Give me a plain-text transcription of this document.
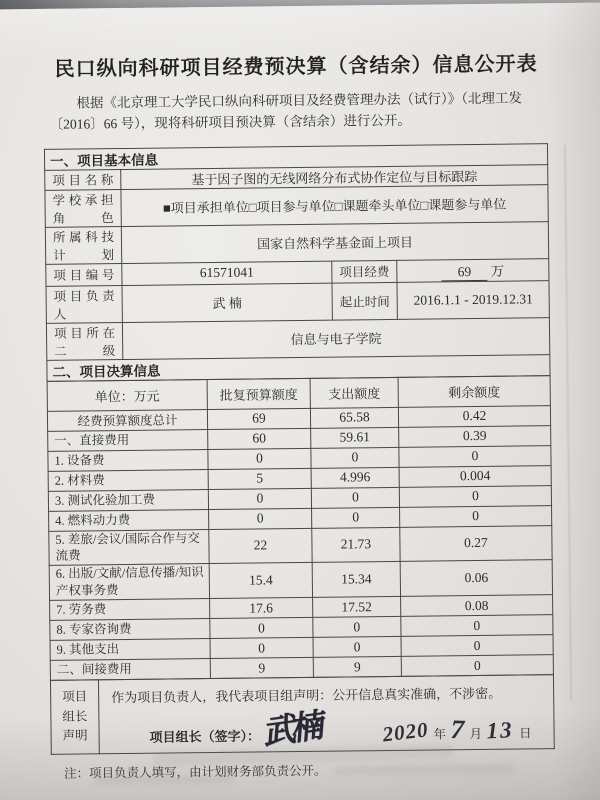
民口纵向科研项目经费预决算（含结余）信息公开表
根据《北京理工大学民口纵向科研项目及经费管理办法（试行）》（北理工发〔2016〕66 号），现将科研项目预决算（含结余）进行公开。
一、项目基本信息			
项目名称	基于因子图的无线网络分布式协作定位与目标跟踪		
学校承担角色	■项目承担单位□项目参与单位□课题牵头单位□课题参与单位		
所属科技计划	国家自然科学基金面上项目		
项目编号	61571041	项目经费	69 万
项目负责人	武 楠	起止时间	2016.1.1 - 2019.12.31
项目所在二级	信息与电子学院		
二、项目决算信息			
单位：万元	批复预算额度	支出额度	剩余额度
经费预算额度总计	69	65.58	0.42
一、直接费用	60	59.61	0.39
1. 设备费	0	0	0
2. 材料费	5	4.996	0.004
3. 测试化验加工费	0	0	0
4. 燃料动力费	0	0	0
5. 差旅/会议/国际合作与交流费	22	21.73	0.27
6. 出版/文献/信息传播/知识产权事务费	15.4	15.34	0.06
7. 劳务费	17.6	17.52	0.08
8. 专家咨询费	0	0	0
9. 其他支出	0	0	0
二、间接费用	9	9	0
项目
组长
声明

作为项目负责人，我代表项目组声明：公开信息真实准确，不涉密。
项目组长（签字）： 武楠	2020 年 7 月 13 日
注：项目负责人填写，由计划财务部负责公开。
